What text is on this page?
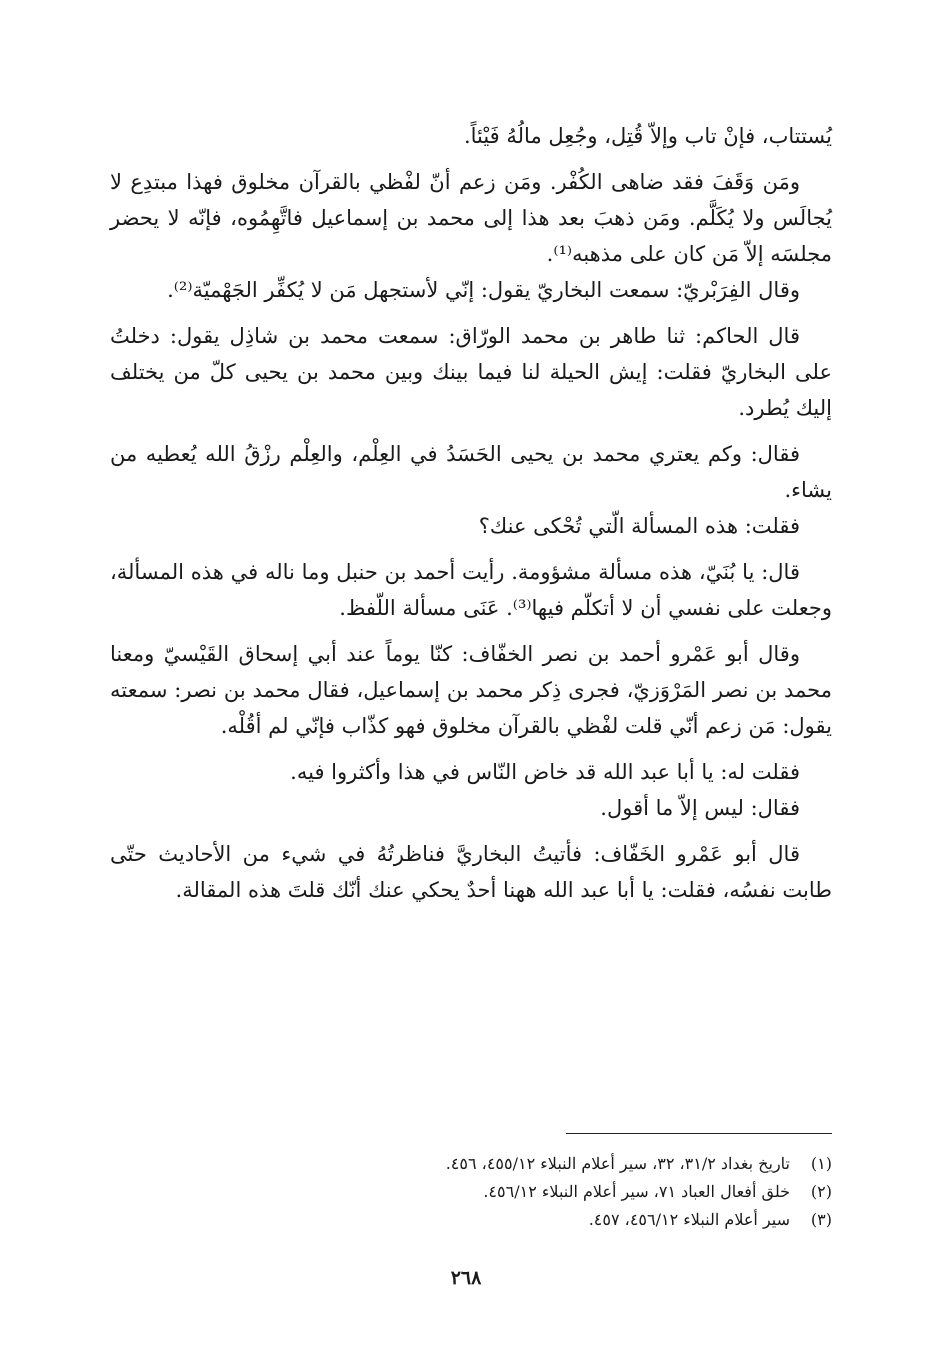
يُستتاب، فإنْ تاب وإلاّ قُتِل، وجُعِل مالُهُ فَيْئاً.

ومَن وَقَفَ فقد ضاهى الكُفْر. ومَن زعم أنّ لفْظي بالقرآن مخلوق فهذا مبتدِع لا يُجالَس ولا يُكَلَّم. ومَن ذهبَ بعد هذا إلى محمد بن إسماعيل فاتَّهِمُوه، فإنّه لا يحضر مجلسَه إلاّ مَن كان على مذهبه⁽¹⁾.

وقال الفِرَبْريّ: سمعت البخاريّ يقول: إنّي لأستجهل مَن لا يُكفِّر الجَهْميّة⁽²⁾.

قال الحاكم: ثنا طاهر بن محمد الورّاق: سمعت محمد بن شاذِل يقول: دخلتُ على البخاريّ فقلت: إيش الحيلة لنا فيما بينك وبين محمد بن يحيى كلّ من يختلف إليك يُطرد.

فقال: وكم يعتري محمد بن يحيى الحَسَدُ في العِلْم، والعِلْم رزْقُ الله يُعطيه من يشاء.

فقلت: هذه المسألة الّتي تُحْكى عنك؟

قال: يا بُنَيّ، هذه مسألة مشؤومة. رأيت أحمد بن حنبل وما ناله في هذه المسألة، وجعلت على نفسي أن لا أتكلّم فيها⁽³⁾. عَنَى مسألة اللّفظ.

وقال أبو عَمْرو أحمد بن نصر الخفّاف: كنّا يوماً عند أبي إسحاق القَيْسيّ ومعنا محمد بن نصر المَرْوَزيّ، فجرى ذِكر محمد بن إسماعيل، فقال محمد بن نصر: سمعته يقول: مَن زعم أنّي قلت لفْظي بالقرآن مخلوق فهو كذّاب فإنّي لم أقُلْه.

فقلت له: يا أبا عبد الله قد خاض النّاس في هذا وأكثروا فيه.

فقال: ليس إلاّ ما أقول.

قال أبو عَمْرو الخَفّاف: فأتيتُ البخاريَّ فناظرتُهُ في شيء من الأحاديث حتّى طابت نفسُه، فقلت: يا أبا عبد الله ههنا أحدٌ يحكي عنك أنّك قلتَ هذه المقالة.

(١)
تاريخ بغداد ٣١/٢، ٣٢، سير أعلام النبلاء ٤٥٥/١٢، ٤٥٦.
(٢)
خلق أفعال العباد ٧١، سير أعلام النبلاء ٤٥٦/١٢.
(٣)
سير أعلام النبلاء ٤٥٦/١٢، ٤٥٧.
٢٦٨
